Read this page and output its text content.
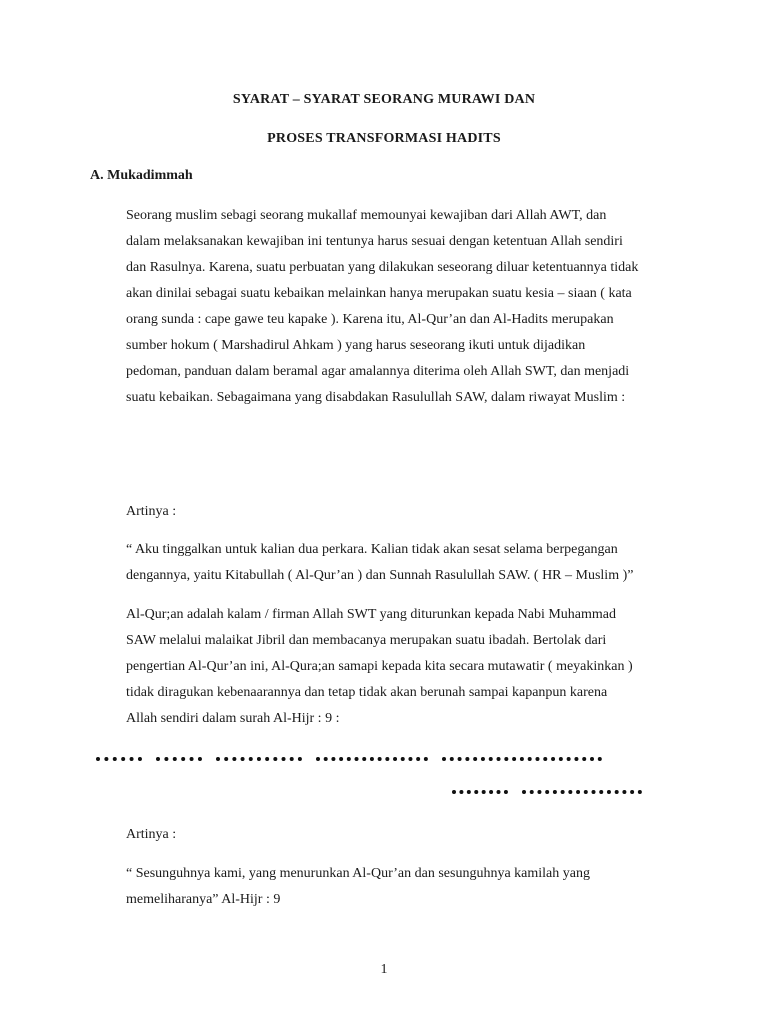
SYARAT – SYARAT SEORANG MURAWI DAN
PROSES TRANSFORMASI HADITS
A. Mukadimmah
Seorang muslim sebagi seorang mukallaf memounyai kewajiban dari Allah AWT, dan
dalam melaksanakan kewajiban ini tentunya harus sesuai dengan ketentuan Allah sendiri
dan Rasulnya. Karena, suatu perbuatan yang dilakukan seseorang diluar ketentuannya tidak
akan dinilai sebagai suatu kebaikan melainkan hanya merupakan suatu kesia – siaan ( kata
orang sunda : cape gawe teu kapake ). Karena itu, Al-Qur’an dan Al-Hadits merupakan
sumber hokum ( Marshadirul Ahkam ) yang harus seseorang ikuti untuk dijadikan
pedoman, panduan dalam beramal agar amalannya diterima oleh Allah SWT, dan menjadi
suatu kebaikan. Sebagaimana yang disabdakan Rasulullah SAW, dalam riwayat Muslim :
Artinya :
“ Aku tinggalkan untuk kalian dua perkara. Kalian tidak akan sesat selama berpegangan
dengannya, yaitu Kitabullah ( Al-Qur’an ) dan Sunnah Rasulullah SAW. ( HR – Muslim )”
Al-Qur;an adalah kalam / firman Allah SWT yang diturunkan kepada Nabi Muhammad
SAW melalui malaikat Jibril dan membacanya merupakan suatu ibadah. Bertolak dari
pengertian Al-Qur’an ini, Al-Qura;an samapi kepada kita secara mutawatir ( meyakinkan )
tidak diragukan kebenaarannya dan tetap tidak akan berunah sampai kapanpun karena
Allah sendiri dalam surah Al-Hijr : 9 :
Artinya :
“ Sesunguhnya kami, yang menurunkan Al-Qur’an dan sesunguhnya kamilah yang
memeliharanya” Al-Hijr : 9
1
